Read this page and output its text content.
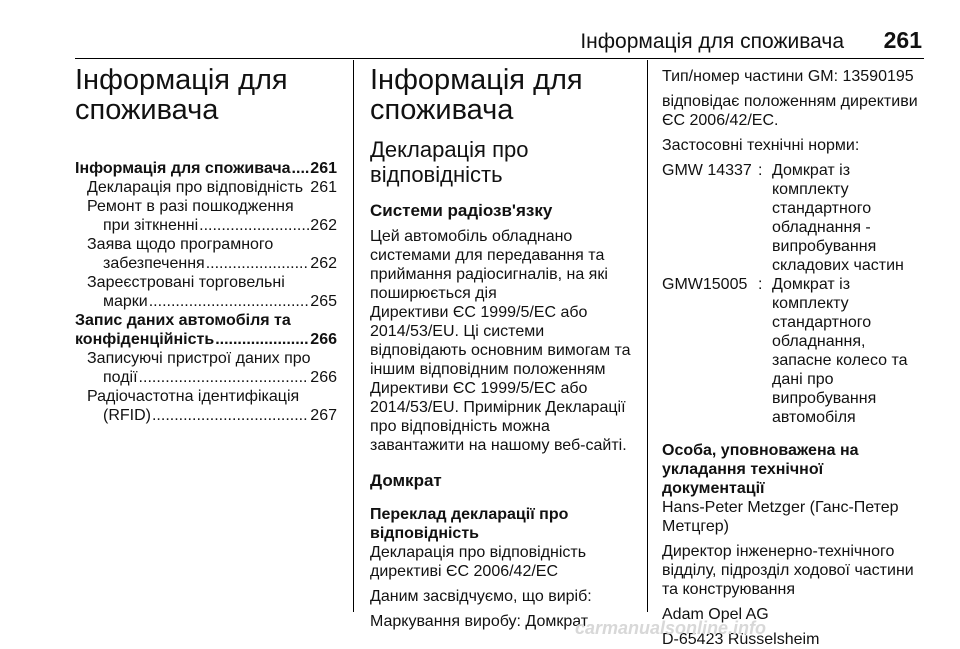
Інформація для споживача 261
Інформація для
споживача
Інформація для споживача ..... 261
Декларація про відповідність 261
Ремонт в разі пошкодження
при зіткненні .....	262
Заява щодо програмного
забезпечення .....	262
Зареєстровані торговельні
марки .....	265
Запис даних автомобіля та
конфіденційність .....	266
Записуючі пристрої даних про
події .....	266
Радіочастотна ідентифікація
(RFID) .....	267
Інформація для
споживача
Декларація про
відповідність
Системи радіозв'язку
Цей автомобіль обладнано
системами для передавання та
приймання радіосигналів, на які
поширюється дія
Директиви ЄС 1999/5/ЕС або
2014/53/EU. Ці системи
відповідають основним вимогам та
іншим відповідним положенням
Директиви ЄС 1999/5/ЕС або
2014/53/EU. Примірник Декларації
про відповідність можна
завантажити на нашому веб-сайті.
Домкрат
Переклад декларації про
відповідність
Декларація про відповідність
директиві ЄС 2006/42/ЕС
Даним засвідчуємо, що виріб:
Маркування виробу: Домкрат
Тип/номер частини GM: 13590195
відповідає положенням директиви
ЄС 2006/42/ЕС.
Застосовні технічні норми:
GMW 14337 : Домкрат із
комплекту
стандартного
обладнання -
випробування
складових частин
GMW15005 : Домкрат із
комплекту
стандартного
обладнання,
запасне колесо та
дані про
випробування
автомобіля
Особа, уповноважена на
укладання технічної документації
Hans-Peter Metzger (Ганс-Петер
Метцгер)
Директор інженерно-технічного
відділу, підрозділ ходової частини
та конструювання
Adam Opel AG
D-65423 Rüsselsheim
carmanualsonline.info
